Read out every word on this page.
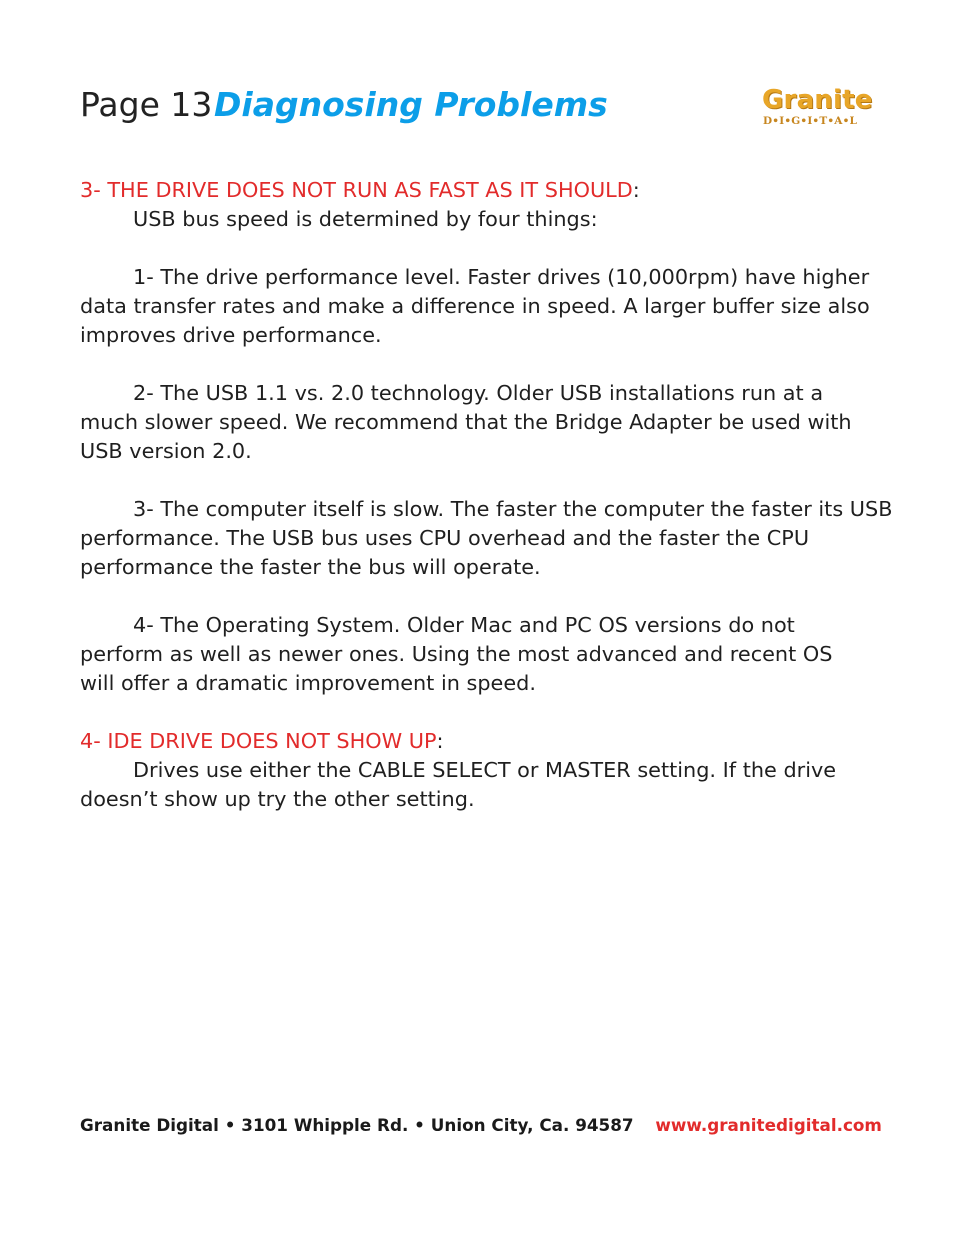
Page 13 Diagnosing Problems	Granite
D•I•G•I•T•A•L
3- THE DRIVE DOES NOT RUN AS FAST AS IT SHOULD:
USB bus speed is determined by four things:
1- The drive performance level. Faster drives (10,000rpm) have higher
data transfer rates and make a difference in speed. A larger buffer size also
improves drive performance.
2- The USB 1.1 vs. 2.0 technology. Older USB installations run at a
much slower speed. We recommend that the Bridge Adapter be used with
USB version 2.0.
3- The computer itself is slow. The faster the computer the faster its USB
performance. The USB bus uses CPU overhead and the faster the CPU
performance the faster the bus will operate.
4- The Operating System. Older Mac and PC OS versions do not
perform as well as newer ones. Using the most advanced and recent OS
will offer a dramatic improvement in speed.
4- IDE DRIVE DOES NOT SHOW UP:
Drives use either the CABLE SELECT or MASTER setting. If the drive
doesn’t show up try the other setting.
Granite Digital • 3101 Whipple Rd. • Union City, Ca. 94587 www.granitedigital.com
